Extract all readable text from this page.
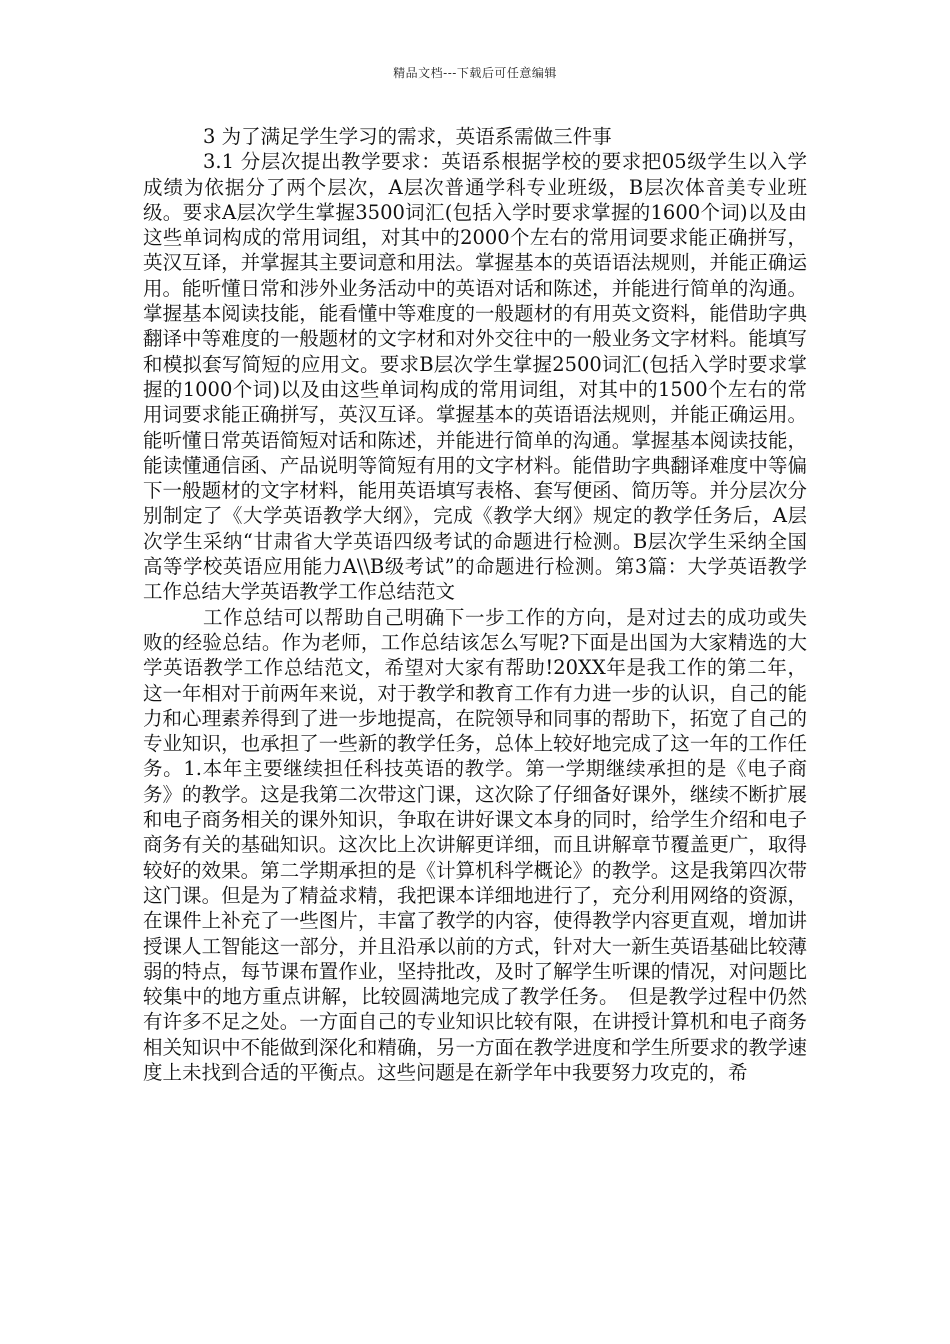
精品文档---下载后可任意编辑

3 为了满足学生学习的需求，英语系需做三件事

3.1 分层次提出教学要求：英语系根据学校的要求把05级学生以入学成绩为依据分了两个层次，A层次普通学科专业班级，B层次体音美专业班级。要求A层次学生掌握3500词汇(包括入学时要求掌握的1600个词)以及由这些单词构成的常用词组，对其中的2000个左右的常用词要求能正确拼写，英汉互译，并掌握其主要词意和用法。掌握基本的英语语法规则，并能正确运用。能听懂日常和涉外业务活动中的英语对话和陈述，并能进行简单的沟通。掌握基本阅读技能，能看懂中等难度的一般题材的有用英文资料，能借助字典翻译中等难度的一般题材的文字材和对外交往中的一般业务文字材料。能填写和模拟套写简短的应用文。要求B层次学生掌握2500词汇(包括入学时要求掌握的1000个词)以及由这些单词构成的常用词组，对其中的1500个左右的常用词要求能正确拼写，英汉互译。掌握基本的英语语法规则，并能正确运用。能听懂日常英语简短对话和陈述，并能进行简单的沟通。掌握基本阅读技能，能读懂通信函、产品说明等简短有用的文字材料。能借助字典翻译难度中等偏下一般题材的文字材料，能用英语填写表格、套写便函、简历等。并分层次分别制定了《大学英语教学大纲》，完成《教学大纲》规定的教学任务后，A层次学生采纳“甘肃省大学英语四级考试的命题进行检测。B层次学生采纳全国高等学校英语应用能力A\\B级考试”的命题进行检测。第3篇：大学英语教学工作总结大学英语教学工作总结范文

工作总结可以帮助自己明确下一步工作的方向，是对过去的成功或失败的经验总结。作为老师，工作总结该怎么写呢?下面是出国为大家精选的大学英语教学工作总结范文，希望对大家有帮助!20XX年是我工作的第二年，这一年相对于前两年来说，对于教学和教育工作有力进一步的认识，自己的能力和心理素养得到了进一步地提高，在院领导和同事的帮助下，拓宽了自己的专业知识，也承担了一些新的教学任务，总体上较好地完成了这一年的工作任务。1.本年主要继续担任科技英语的教学。第一学期继续承担的是《电子商务》的教学。这是我第二次带这门课，这次除了仔细备好课外，继续不断扩展和电子商务相关的课外知识，争取在讲好课文本身的同时，给学生介绍和电子商务有关的基础知识。这次比上次讲解更详细，而且讲解章节覆盖更广，取得较好的效果。第二学期承担的是《计算机科学概论》的教学。这是我第四次带这门课。但是为了精益求精，我把课本详细地进行了，充分利用网络的资源，在课件上补充了一些图片，丰富了教学的内容，使得教学内容更直观，增加讲授课人工智能这一部分，并且沿承以前的方式，针对大一新生英语基础比较薄弱的特点，每节课布置作业，坚持批改，及时了解学生听课的情况，对问题比较集中的地方重点讲解，比较圆满地完成了教学任务。　但是教学过程中仍然有许多不足之处。一方面自己的专业知识比较有限，在讲授计算机和电子商务相关知识中不能做到深化和精确，另一方面在教学进度和学生所要求的教学速度上未找到合适的平衡点。这些问题是在新学年中我要努力攻克的，希
